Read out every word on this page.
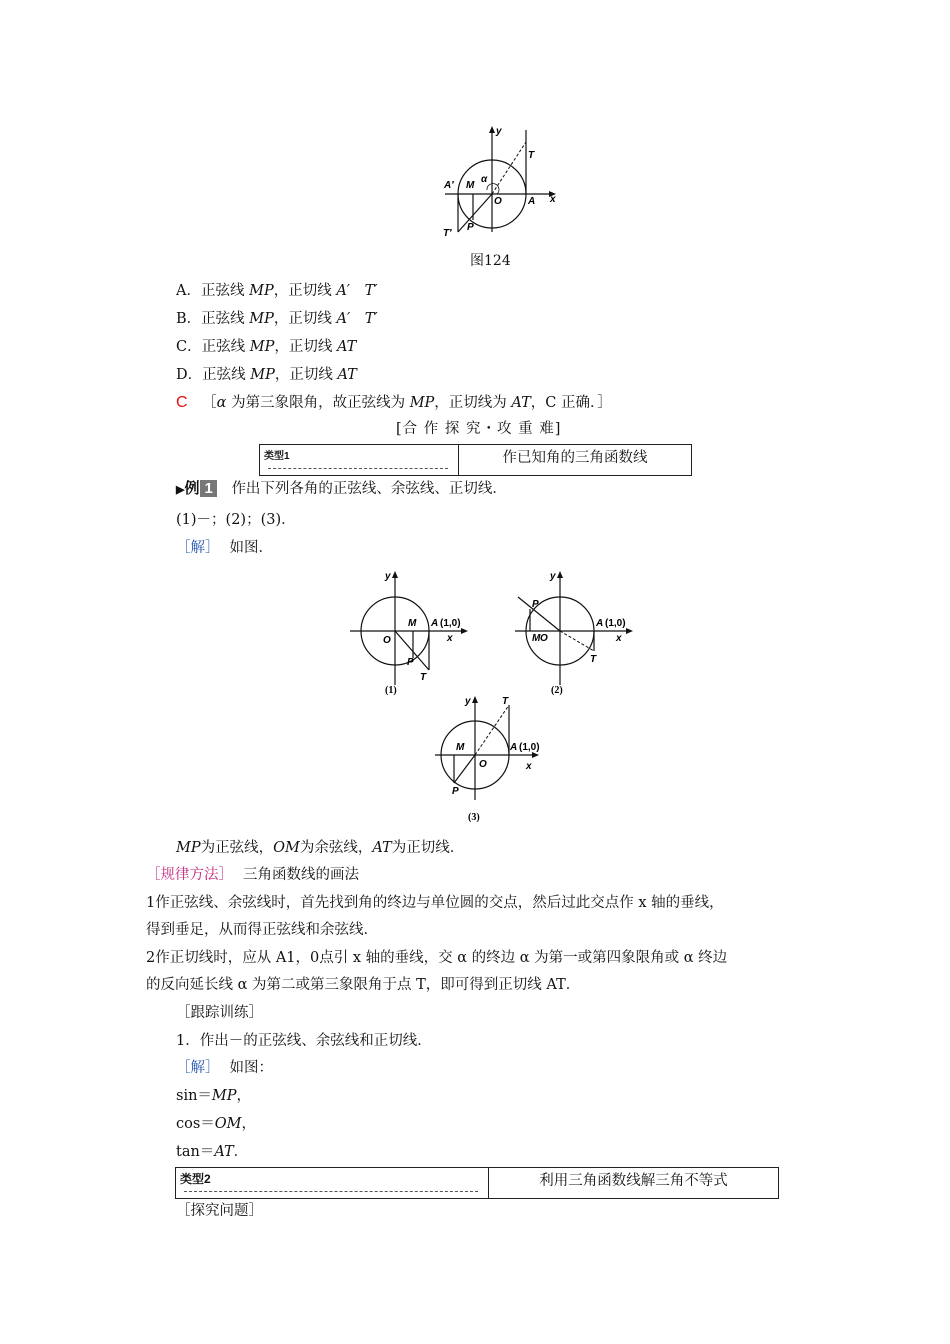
y
x
T
A′ M
α
O	A
T′
P
图124
A．正弦线 MP，正切线 A′　T′
B．正弦线 MP，正切线 A′　T′
C．正弦线 MP，正切线 AT
D．正弦线 MP，正切线 AT
C ［α 为第三象限角，故正弦线为 MP，正切线为 AT，C 正确．］
[合 作 探 究・攻 重 难]
类型1	作已知角的三角函数线
▶例 1 作出下列各角的正弦线、余弦线、正切线．
(1)－；(2)；(3)．
［解］ 如图．
y
O
M A (1,0)
x
P
T
(1)
y
P
M O
A (1,0)
x
T
(2)
y	T
M	A (1,0)
O	x
P
(3)
MP为正弦线，OM为余弦线，AT为正切线．
［规律方法］ 三角函数线的画法
1作正弦线、余弦线时，首先找到角的终边与单位圆的交点，然后过此交点作 x 轴的垂线，
得到垂足，从而得正弦线和余弦线．
2作正切线时，应从 A1，0点引 x 轴的垂线，交 α 的终边 α 为第一或第四象限角或 α 终边
的反向延长线 α 为第二或第三象限角于点 T，即可得到正切线 AT．
［跟踪训练］
1．作出－的正弦线、余弦线和正切线．
［解］ 如图：
sin＝MP，
cos＝OM，
tan＝AT．
类型2	利用三角函数线解三角不等式
［探究问题］
